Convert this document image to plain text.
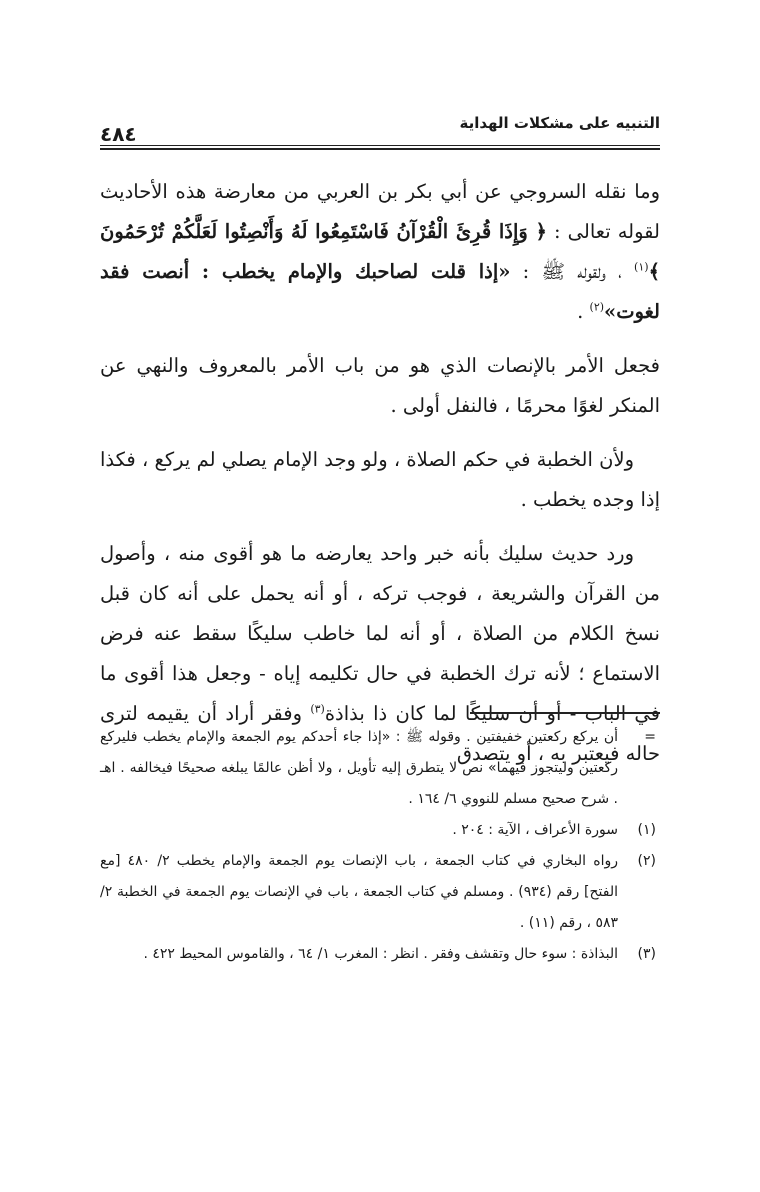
التنبيه على مشكلات الهداية
٤٨٤

وما نقله السروجي عن أبي بكر بن العربي من معارضة هذه الأحاديث لقوله تعالى : ﴿ وَإِذَا قُرِئَ الْقُرْآنُ فَاسْتَمِعُوا لَهُ وَأَنْصِتُوا لَعَلَّكُمْ تُرْحَمُونَ ﴾$^{(١)}$ ، ولقوله ﷺ : «إذا قلت لصاحبك والإمام يخطب : أنصت فقد لغوت»$^{(٢)}$ .

فجعل الأمر بالإنصات الذي هو من باب الأمر بالمعروف والنهي عن المنكر لغوًا محرمًا ، فالنفل أولى .

ولأن الخطبة في حكم الصلاة ، ولو وجد الإمام يصلي لم يركع ، فكذا إذا وجده يخطب .

ورد حديث سليك بأنه خبر واحد يعارضه ما هو أقوى منه ، وأصول من القرآن والشريعة ، فوجب تركه ، أو أنه يحمل على أنه كان قبل نسخ الكلام من الصلاة ، أو أنه لما خاطب سليكًا سقط عنه فرض الاستماع ؛ لأنه ترك الخطبة في حال تكليمه إياه - وجعل هذا أقوى ما في الباب - أو أن سليكًا لما كان ذا بذاذة$^{(٣)}$ وفقر أراد أن يقيمه لترى حاله فيعتبر به ، أو يتصدق

=
أن يركع ركعتين خفيفتين . وقوله ﷺ : «إذا جاء أحدكم يوم الجمعة والإمام يخطب فليركع ركعتين وليتجوز فيهما» نص لا يتطرق إليه تأويل ، ولا أظن عالمًا يبلغه صحيحًا فيخالفه . اهـ . شرح صحيح مسلم للنووي ٦/ ١٦٤ .
(١)
سورة الأعراف ، الآية : ٢٠٤ .
(٢)
رواه البخاري في كتاب الجمعة ، باب الإنصات يوم الجمعة والإمام يخطب ٢/ ٤٨٠ [مع الفتح] رقم (٩٣٤) . ومسلم في كتاب الجمعة ، باب في الإنصات يوم الجمعة في الخطبة ٢/ ٥٨٣ ، رقم (١١) .
(٣)
البذاذة : سوء حال وتقشف وفقر . انظر : المغرب ١/ ٦٤ ، والقاموس المحيط ٤٢٢ .
